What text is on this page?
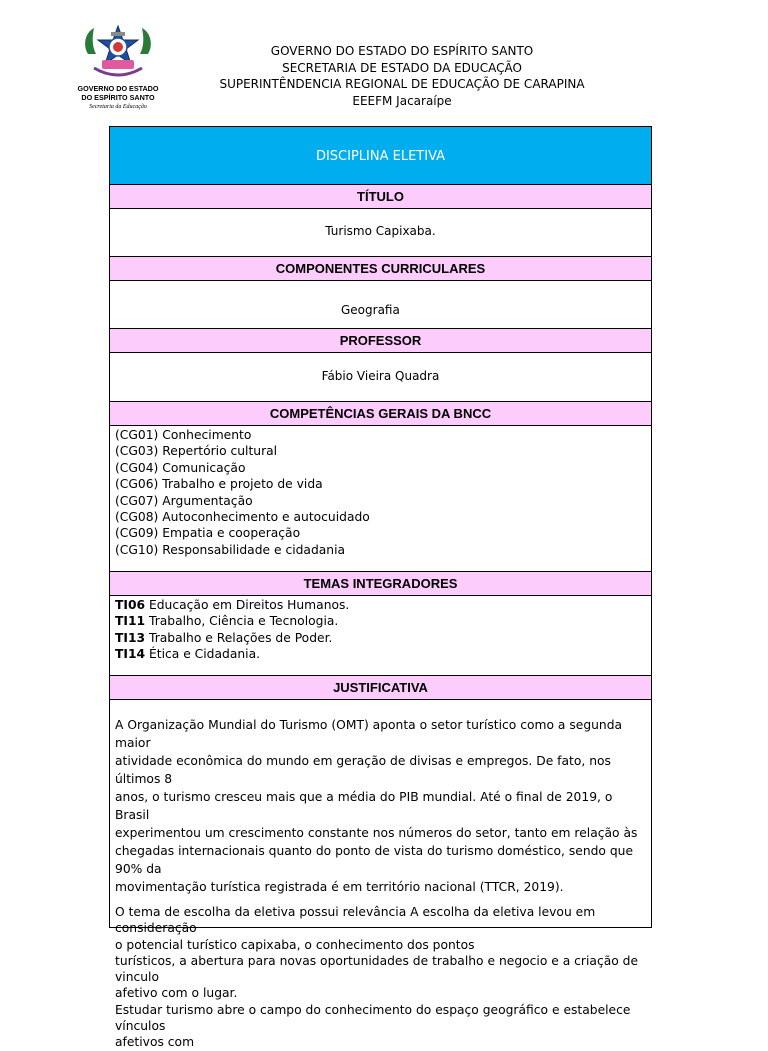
GOVERNO DO ESTADO
DO ESPÍRITO SANTO
Secretaria da Educação
GOVERNO DO ESTADO DO ESPÍRITO SANTO
SECRETARIA DE ESTADO DA EDUCAÇÃO
SUPERINTÊNDENCIA REGIONAL DE EDUCAÇÃO DE CARAPINA
EEEFM Jacaraípe
DISCIPLINA ELETIVA
TÍTULO
Turismo Capixaba.
COMPONENTES CURRICULARES
Geografia
PROFESSOR
Fábio Vieira Quadra
COMPETÊNCIAS GERAIS DA BNCC
(CG01) Conhecimento
(CG03) Repertório cultural
(CG04) Comunicação
(CG06) Trabalho e projeto de vida
(CG07) Argumentação
(CG08) Autoconhecimento e autocuidado
(CG09) Empatia e cooperação
(CG10) Responsabilidade e cidadania
TEMAS INTEGRADORES
TI06 Educação em Direitos Humanos.
TI11 Trabalho, Ciência e Tecnologia.
TI13 Trabalho e Relações de Poder.
TI14 Ética e Cidadania.
JUSTIFICATIVA

A Organização Mundial do Turismo (OMT) aponta o setor turístico como a segunda maior
atividade econômica do mundo em geração de divisas e empregos. De fato, nos últimos 8
anos, o turismo cresceu mais que a média do PIB mundial. Até o final de 2019, o Brasil
experimentou um crescimento constante nos números do setor, tanto em relação às
chegadas internacionais quanto do ponto de vista do turismo doméstico, sendo que 90% da
movimentação turística registrada é em território nacional (TTCR, 2019).

O tema de escolha da eletiva possui relevância A escolha da eletiva levou em consideração
o potencial turístico capixaba, o conhecimento dos pontos
turísticos, a abertura para novas oportunidades de trabalho e negocio e a criação de vinculo
afetivo com o lugar.
Estudar turismo abre o campo do conhecimento do espaço geográfico e estabelece vínculos
afetivos com
